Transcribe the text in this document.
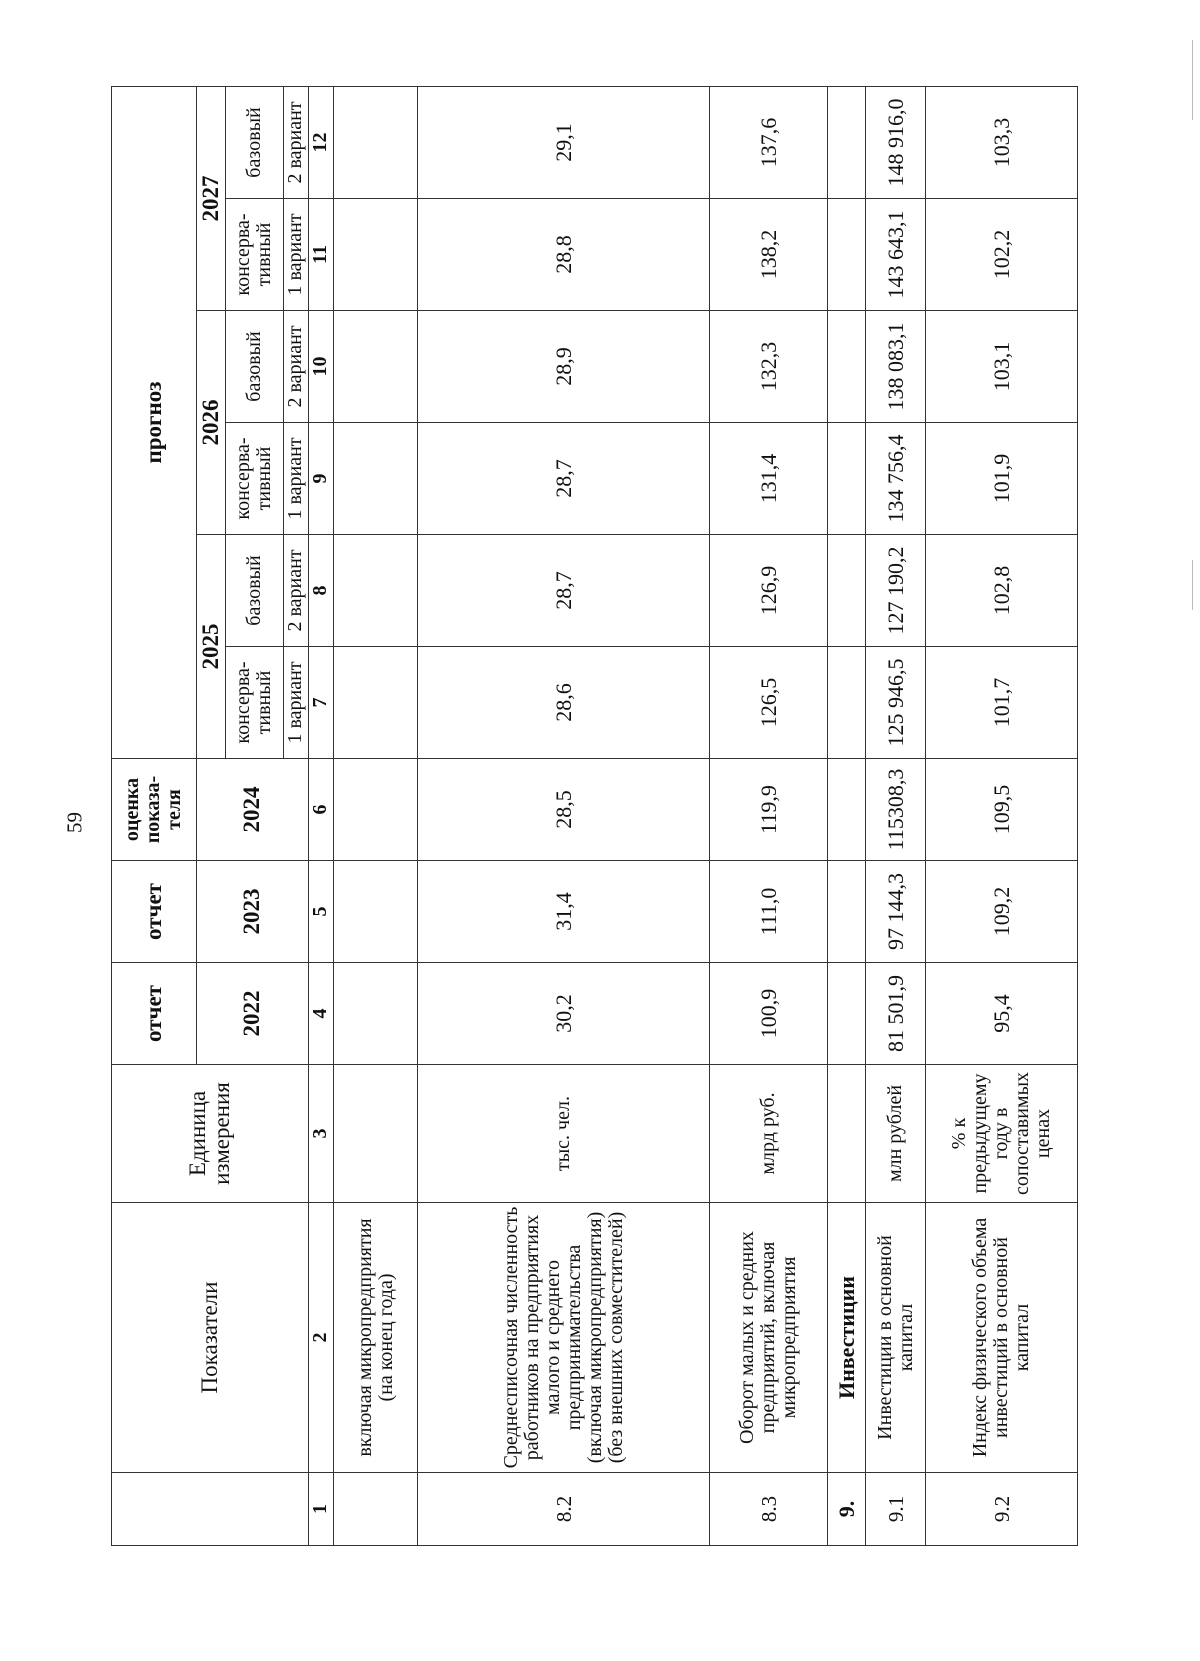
59
	Показатели	Единица измерения	отчет	отчет	оценка показа-теля	прогноз					
			2022	2023	2024	2025		2026		2027	
						консерва-тивный	базовый	консерва-тивный	базовый	консерва-тивный	базовый
						1 вариант	2 вариант	1 вариант	2 вариант	1 вариант	2 вариант
1	2	3	4	5	6	7	8	9	10	11	12
	включая микропредприятия (на конец года)										
8.2	Среднесписочная численность работников на предприятиях малого и среднего предпринимательства (включая микропредприятия) (без внешних совместителей)	тыс. чел.	30,2	31,4	28,5	28,6	28,7	28,7	28,9	28,8	29,1
8.3	Оборот малых и средних предприятий, включая микропредприятия	млрд руб.	100,9	111,0	119,9	126,5	126,9	131,4	132,3	138,2	137,6
9.	Инвестиции										
9.1	Инвестиции в основной капитал	млн рублей	81 501,9	97 144,3	115308,3	125 946,5	127 190,2	134 756,4	138 083,1	143 643,1	148 916,0
9.2	Индекс физического объема инвестиций в основной капитал	% к предыдущему году в сопоставимых ценах	95,4	109,2	109,5	101,7	102,8	101,9	103,1	102,2	103,3
